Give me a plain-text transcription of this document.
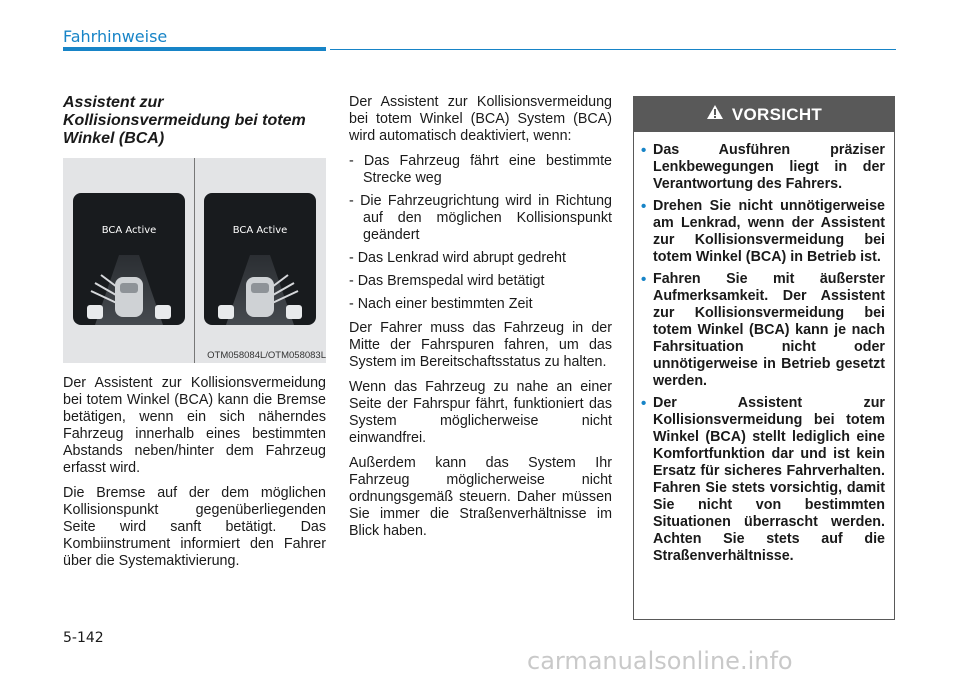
Fahrhinweise
Assistent zur Kollisionsvermeidung bei totem Winkel (BCA)
BCA Active	BCA Active
OTM058084L/OTM058083L

Der Assistent zur Kollisionsvermeidung bei totem Winkel (BCA) kann die Bremse betätigen, wenn ein sich näherndes Fahrzeug innerhalb eines bestimmten Abstands neben/hinter dem Fahrzeug erfasst wird.

Die Bremse auf der dem möglichen Kollisionspunkt gegenüberliegenden Seite wird sanft betätigt. Das Kombiinstrument informiert den Fahrer über die Systemaktivierung.

Der Assistent zur Kollisionsvermeidung bei totem Winkel (BCA) System (BCA) wird automatisch deaktiviert, wenn:

- Das Fahrzeug fährt eine bestimmte Strecke weg
- Die Fahrzeugrichtung wird in Richtung auf den möglichen Kollisionspunkt geändert
- Das Lenkrad wird abrupt gedreht
- Das Bremspedal wird betätigt
- Nach einer bestimmten Zeit

Der Fahrer muss das Fahrzeug in der Mitte der Fahrspuren fahren, um das System im Bereitschaftsstatus zu halten.

Wenn das Fahrzeug zu nahe an einer Seite der Fahrspur fährt, funktioniert das System möglicherweise nicht einwandfrei.

Außerdem kann das System Ihr Fahrzeug möglicherweise nicht ordnungsgemäß steuern. Daher müssen Sie immer die Straßenverhältnisse im Blick haben.

VORSICHT
• Das Ausführen präziser Lenkbewegungen liegt in der Verantwortung des Fahrers.
• Drehen Sie nicht unnötigerweise am Lenkrad, wenn der Assistent zur Kollisionsvermeidung bei totem Winkel (BCA) in Betrieb ist.
• Fahren Sie mit äußerster Aufmerksamkeit. Der Assistent zur Kollisionsvermeidung bei totem Winkel (BCA) kann je nach Fahrsituation nicht oder unnötigerweise in Betrieb gesetzt werden.
• Der Assistent zur Kollisionsvermeidung bei totem Winkel (BCA) stellt lediglich eine Komfortfunktion dar und ist kein Ersatz für sicheres Fahrverhalten. Fahren Sie stets vorsichtig, damit Sie nicht von bestimmten Situationen überrascht werden. Achten Sie stets auf die Straßenverhältnisse.
5-142
carmanualsonline.info
